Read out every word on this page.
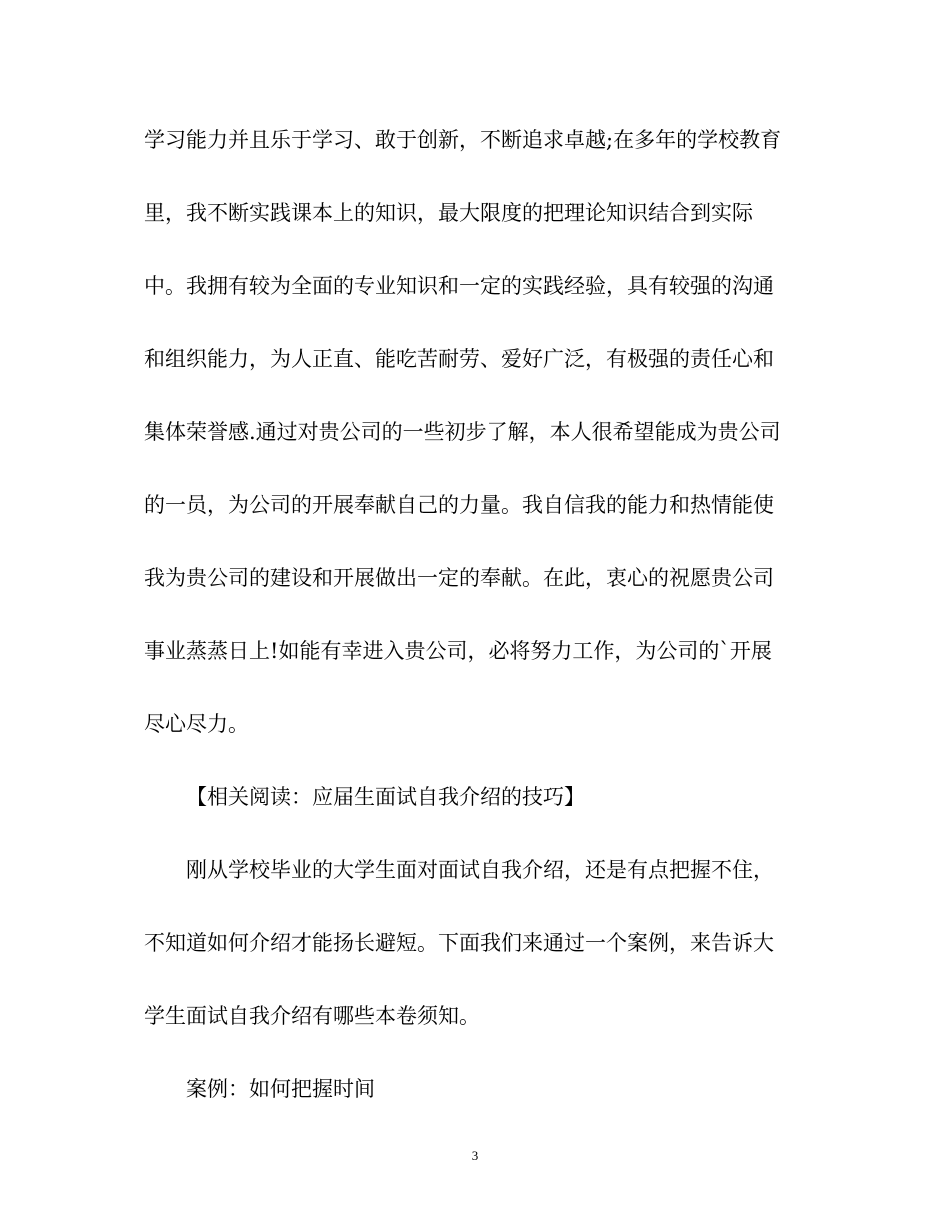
学习能力并且乐于学习、敢于创新，不断追求卓越;在多年的学校教育
里，我不断实践课本上的知识，最大限度的把理论知识结合到实际
中。我拥有较为全面的专业知识和一定的实践经验，具有较强的沟通
和组织能力，为人正直、能吃苦耐劳、爱好广泛，有极强的责任心和
集体荣誉感.通过对贵公司的一些初步了解，本人很希望能成为贵公司
的一员，为公司的开展奉献自己的力量。我自信我的能力和热情能使
我为贵公司的建设和开展做出一定的奉献。在此，衷心的祝愿贵公司
事业蒸蒸日上!如能有幸进入贵公司，必将努力工作，为公司的`开展
尽心尽力。
【相关阅读：应届生面试自我介绍的技巧】
刚从学校毕业的大学生面对面试自我介绍，还是有点把握不住，
不知道如何介绍才能扬长避短。下面我们来通过一个案例，来告诉大
学生面试自我介绍有哪些本卷须知。
案例：如何把握时间
3
